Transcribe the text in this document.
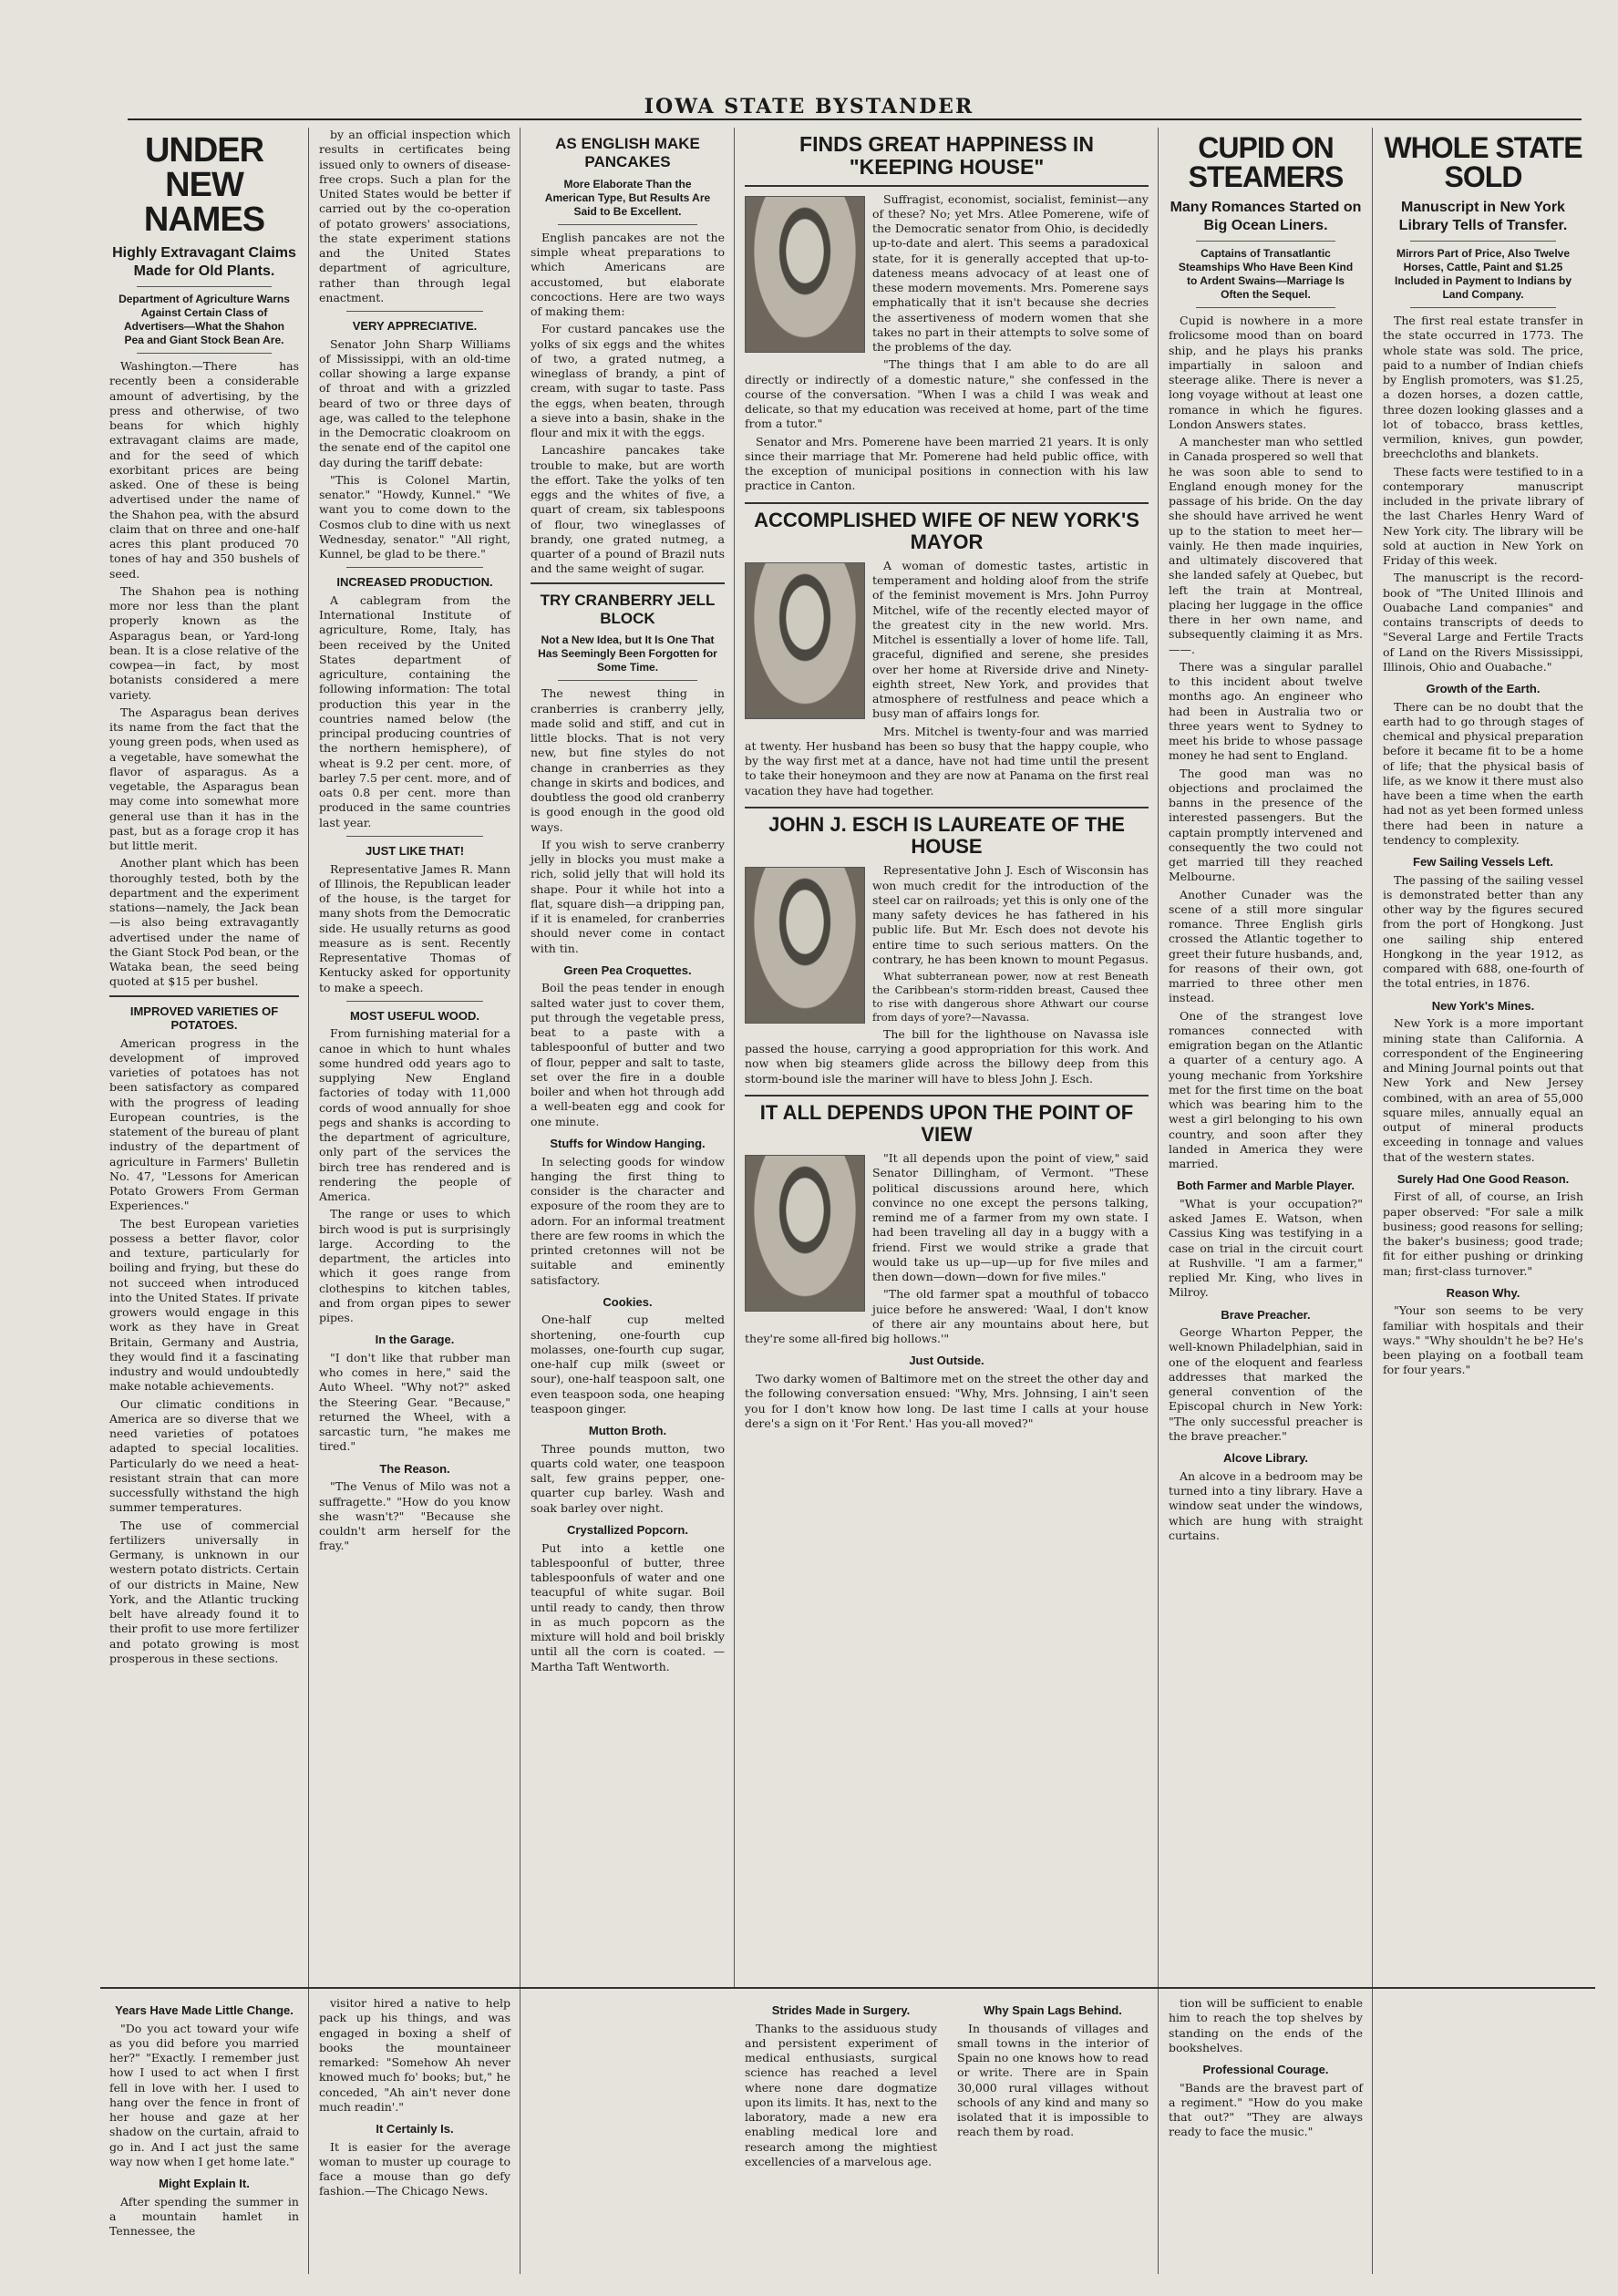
IOWA STATE BYSTANDER
UNDER NEW NAMES
Highly Extravagant Claims Made for Old Plants.
Department of Agriculture Warns Against Certain Class of Advertisers—What the Shahon Pea and Giant Stock Bean Are.

Washington.—There has recently been a considerable amount of advertising, by the press and otherwise, of two beans for which highly extravagant claims are made, and for the seed of which exorbitant prices are being asked. One of these is being advertised under the name of the Shahon pea, with the absurd claim that on three and one-half acres this plant produced 70 tones of hay and 350 bushels of seed.

The Shahon pea is nothing more nor less than the plant properly known as the Asparagus bean, or Yard-long bean. It is a close relative of the cowpea—in fact, by most botanists considered a mere variety.

The Asparagus bean derives its name from the fact that the young green pods, when used as a vegetable, have somewhat the flavor of asparagus. As a vegetable, the Asparagus bean may come into somewhat more general use than it has in the past, but as a forage crop it has but little merit.

Another plant which has been thoroughly tested, both by the department and the experiment stations—namely, the Jack bean—is also being extravagantly advertised under the name of the Giant Stock Pod bean, or the Wataka bean, the seed being quoted at $15 per bushel.

IMPROVED VARIETIES OF POTATOES.

American progress in the development of improved varieties of potatoes has not been satisfactory as compared with the progress of leading European countries, is the statement of the bureau of plant industry of the department of agriculture in Farmers' Bulletin No. 47, "Lessons for American Potato Growers From German Experiences."

The best European varieties possess a better flavor, color and texture, particularly for boiling and frying, but these do not succeed when introduced into the United States. If private growers would engage in this work as they have in Great Britain, Germany and Austria, they would find it a fascinating industry and would undoubtedly make notable achievements.

Our climatic conditions in America are so diverse that we need varieties of potatoes adapted to special localities. Particularly do we need a heat-resistant strain that can more successfully withstand the high summer temperatures.

The use of commercial fertilizers universally in Germany, is unknown in our western potato districts. Certain of our districts in Maine, New York, and the Atlantic trucking belt have already found it to their profit to use more fertilizer and potato growing is most prosperous in these sections.

by an official inspection which results in certificates being issued only to owners of disease-free crops. Such a plan for the United States would be better if carried out by the co-operation of potato growers' associations, the state experiment stations and the United States department of agriculture, rather than through legal enactment.

VERY APPRECIATIVE.

Senator John Sharp Williams of Mississippi, with an old-time collar showing a large expanse of throat and with a grizzled beard of two or three days of age, was called to the telephone in the Democratic cloakroom on the senate end of the capitol one day during the tariff debate:

"This is Colonel Martin, senator." "Howdy, Kunnel." "We want you to come down to the Cosmos club to dine with us next Wednesday, senator." "All right, Kunnel, be glad to be there."

INCREASED PRODUCTION.

A cablegram from the International Institute of agriculture, Rome, Italy, has been received by the United States department of agriculture, containing the following information: The total production this year in the countries named below (the principal producing countries of the northern hemisphere), of wheat is 9.2 per cent. more, of barley 7.5 per cent. more, and of oats 0.8 per cent. more than produced in the same countries last year.

JUST LIKE THAT!

Representative James R. Mann of Illinois, the Republican leader of the house, is the target for many shots from the Democratic side. He usually returns as good measure as is sent. Recently Representative Thomas of Kentucky asked for opportunity to make a speech.

MOST USEFUL WOOD.

From furnishing material for a canoe in which to hunt whales some hundred odd years ago to supplying New England factories of today with 11,000 cords of wood annually for shoe pegs and shanks is according to the department of agriculture, only part of the services the birch tree has rendered and is rendering the people of America.

The range or uses to which birch wood is put is surprisingly large. According to the department, the articles into which it goes range from clothespins to kitchen tables, and from organ pipes to sewer pipes.

In the Garage.

"I don't like that rubber man who comes in here," said the Auto Wheel. "Why not?" asked the Steering Gear. "Because," returned the Wheel, with a sarcastic turn, "he makes me tired."

The Reason.

"The Venus of Milo was not a suffragette." "How do you know she wasn't?" "Because she couldn't arm herself for the fray."

AS ENGLISH MAKE PANCAKES
More Elaborate Than the American Type, But Results Are Said to Be Excellent.

English pancakes are not the simple wheat preparations to which Americans are accustomed, but elaborate concoctions. Here are two ways of making them:

For custard pancakes use the yolks of six eggs and the whites of two, a grated nutmeg, a wineglass of brandy, a pint of cream, with sugar to taste. Pass the eggs, when beaten, through a sieve into a basin, shake in the flour and mix it with the eggs.

Lancashire pancakes take trouble to make, but are worth the effort. Take the yolks of ten eggs and the whites of five, a quart of cream, six tablespoons of flour, two wineglasses of brandy, one grated nutmeg, a quarter of a pound of Brazil nuts and the same weight of sugar.

TRY CRANBERRY JELL BLOCK
Not a New Idea, but It Is One That Has Seemingly Been Forgotten for Some Time.

The newest thing in cranberries is cranberry jelly, made solid and stiff, and cut in little blocks. That is not very new, but fine styles do not change in cranberries as they change in skirts and bodices, and doubtless the good old cranberry is good enough in the good old ways.

If you wish to serve cranberry jelly in blocks you must make a rich, solid jelly that will hold its shape. Pour it while hot into a flat, square dish—a dripping pan, if it is enameled, for cranberries should never come in contact with tin.

Green Pea Croquettes.

Boil the peas tender in enough salted water just to cover them, put through the vegetable press, beat to a paste with a tablespoonful of butter and two of flour, pepper and salt to taste, set over the fire in a double boiler and when hot through add a well-beaten egg and cook for one minute.

Stuffs for Window Hanging.

In selecting goods for window hanging the first thing to consider is the character and exposure of the room they are to adorn. For an informal treatment there are few rooms in which the printed cretonnes will not be suitable and eminently satisfactory.

Cookies.

One-half cup melted shortening, one-fourth cup molasses, one-fourth cup sugar, one-half cup milk (sweet or sour), one-half teaspoon salt, one even teaspoon soda, one heaping teaspoon ginger.

Mutton Broth.

Three pounds mutton, two quarts cold water, one teaspoon salt, few grains pepper, one-quarter cup barley. Wash and soak barley over night.

Crystallized Popcorn.

Put into a kettle one tablespoonful of butter, three tablespoonfuls of water and one teacupful of white sugar. Boil until ready to candy, then throw in as much popcorn as the mixture will hold and boil briskly until all the corn is coated. — Martha Taft Wentworth.

FINDS GREAT HAPPINESS IN "KEEPING HOUSE"

Suffragist, economist, socialist, feminist—any of these? No; yet Mrs. Atlee Pomerene, wife of the Democratic senator from Ohio, is decidedly up-to-date and alert. This seems a paradoxical state, for it is generally accepted that up-to-dateness means advocacy of at least one of these modern movements. Mrs. Pomerene says emphatically that it isn't because she decries the assertiveness of modern women that she takes no part in their attempts to solve some of the problems of the day.

"The things that I am able to do are all directly or indirectly of a domestic nature," she confessed in the course of the conversation. "When I was a child I was weak and delicate, so that my education was received at home, part of the time from a tutor."

Senator and Mrs. Pomerene have been married 21 years. It is only since their marriage that Mr. Pomerene had held public office, with the exception of municipal positions in connection with his law practice in Canton.

ACCOMPLISHED WIFE OF NEW YORK'S MAYOR

A woman of domestic tastes, artistic in temperament and holding aloof from the strife of the feminist movement is Mrs. John Purroy Mitchel, wife of the recently elected mayor of the greatest city in the new world. Mrs. Mitchel is essentially a lover of home life. Tall, graceful, dignified and serene, she presides over her home at Riverside drive and Ninety-eighth street, New York, and provides that atmosphere of restfulness and peace which a busy man of affairs longs for.

Mrs. Mitchel is twenty-four and was married at twenty. Her husband has been so busy that the happy couple, who by the way first met at a dance, have not had time until the present to take their honeymoon and they are now at Panama on the first real vacation they have had together.

JOHN J. ESCH IS LAUREATE OF THE HOUSE

Representative John J. Esch of Wisconsin has won much credit for the introduction of the steel car on railroads; yet this is only one of the many safety devices he has fathered in his public life. But Mr. Esch does not devote his entire time to such serious matters. On the contrary, he has been known to mount Pegasus.

What subterranean power, now at rest Beneath the Caribbean's storm-ridden breast, Caused thee to rise with dangerous shore Athwart our course from days of yore?—Navassa.

The bill for the lighthouse on Navassa isle passed the house, carrying a good appropriation for this work. And now when big steamers glide across the billowy deep from this storm-bound isle the mariner will have to bless John J. Esch.

IT ALL DEPENDS UPON THE POINT OF VIEW

"It all depends upon the point of view," said Senator Dillingham, of Vermont. "These political discussions around here, which convince no one except the persons talking, remind me of a farmer from my own state. I had been traveling all day in a buggy with a friend. First we would strike a grade that would take us up—up—up for five miles and then down—down—down for five miles."

"The old farmer spat a mouthful of tobacco juice before he answered: 'Waal, I don't know of there air any mountains about here, but they're some all-fired big hollows.'"

Just Outside.

Two darky women of Baltimore met on the street the other day and the following conversation ensued: "Why, Mrs. Johnsing, I ain't seen you for I don't know how long. De last time I calls at your house dere's a sign on it 'For Rent.' Has you-all moved?"

CUPID ON STEAMERS
Many Romances Started on Big Ocean Liners.
Captains of Transatlantic Steamships Who Have Been Kind to Ardent Swains—Marriage Is Often the Sequel.

Cupid is nowhere in a more frolicsome mood than on board ship, and he plays his pranks impartially in saloon and steerage alike. There is never a long voyage without at least one romance in which he figures. London Answers states.

A manchester man who settled in Canada prospered so well that he was soon able to send to England enough money for the passage of his bride. On the day she should have arrived he went up to the station to meet her—vainly. He then made inquiries, and ultimately discovered that she landed safely at Quebec, but left the train at Montreal, placing her luggage in the office there in her own name, and subsequently claiming it as Mrs. ——.

There was a singular parallel to this incident about twelve months ago. An engineer who had been in Australia two or three years went to Sydney to meet his bride to whose passage money he had sent to England.

The good man was no objections and proclaimed the banns in the presence of the interested passengers. But the captain promptly intervened and consequently the two could not get married till they reached Melbourne.

Another Cunader was the scene of a still more singular romance. Three English girls crossed the Atlantic together to greet their future husbands, and, for reasons of their own, got married to three other men instead.

One of the strangest love romances connected with emigration began on the Atlantic a quarter of a century ago. A young mechanic from Yorkshire met for the first time on the boat which was bearing him to the west a girl belonging to his own country, and soon after they landed in America they were married.

Both Farmer and Marble Player.

"What is your occupation?" asked James E. Watson, when Cassius King was testifying in a case on trial in the circuit court at Rushville. "I am a farmer," replied Mr. King, who lives in Milroy.

Brave Preacher.

George Wharton Pepper, the well-known Philadelphian, said in one of the eloquent and fearless addresses that marked the general convention of the Episcopal church in New York: "The only successful preacher is the brave preacher."

Alcove Library.

An alcove in a bedroom may be turned into a tiny library. Have a window seat under the windows, which are hung with straight curtains.

WHOLE STATE SOLD
Manuscript in New York Library Tells of Transfer.
Mirrors Part of Price, Also Twelve Horses, Cattle, Paint and $1.25 Included in Payment to Indians by Land Company.

The first real estate transfer in the state occurred in 1773. The whole state was sold. The price, paid to a number of Indian chiefs by English promoters, was $1.25, a dozen horses, a dozen cattle, three dozen looking glasses and a lot of tobacco, brass kettles, vermilion, knives, gun powder, breechcloths and blankets.

These facts were testified to in a contemporary manuscript included in the private library of the last Charles Henry Ward of New York city. The library will be sold at auction in New York on Friday of this week.

The manuscript is the record-book of "The United Illinois and Ouabache Land companies" and contains transcripts of deeds to "Several Large and Fertile Tracts of Land on the Rivers Mississippi, Illinois, Ohio and Ouabache."

Growth of the Earth.

There can be no doubt that the earth had to go through stages of chemical and physical preparation before it became fit to be a home of life; that the physical basis of life, as we know it there must also have been a time when the earth had not as yet been formed unless there had been in nature a tendency to complexity.

Few Sailing Vessels Left.

The passing of the sailing vessel is demonstrated better than any other way by the figures secured from the port of Hongkong. Just one sailing ship entered Hongkong in the year 1912, as compared with 688, one-fourth of the total entries, in 1876.

New York's Mines.

New York is a more important mining state than California. A correspondent of the Engineering and Mining Journal points out that New York and New Jersey combined, with an area of 55,000 square miles, annually equal an output of mineral products exceeding in tonnage and values that of the western states.

Surely Had One Good Reason.

First of all, of course, an Irish paper observed: "For sale a milk business; good reasons for selling; the baker's business; good trade; fit for either pushing or drinking man; first-class turnover."

Reason Why.

"Your son seems to be very familiar with hospitals and their ways." "Why shouldn't he be? He's been playing on a football team for four years."

Years Have Made Little Change.

"Do you act toward your wife as you did before you married her?" "Exactly. I remember just how I used to act when I first fell in love with her. I used to hang over the fence in front of her house and gaze at her shadow on the curtain, afraid to go in. And I act just the same way now when I get home late."

Might Explain It.

After spending the summer in a mountain hamlet in Tennessee, the

visitor hired a native to help pack up his things, and was engaged in boxing a shelf of books the mountaineer remarked: "Somehow Ah never knowed much fo' books; but," he conceded, "Ah ain't never done much readin'."

It Certainly Is.

It is easier for the average woman to muster up courage to face a mouse than go defy fashion.—The Chicago News.

Strides Made in Surgery.

Thanks to the assiduous study and persistent experiment of medical enthusiasts, surgical science has reached a level where none dare dogmatize upon its limits. It has, next to the laboratory, made a new era enabling medical lore and research among the mightiest excellencies of a marvelous age.

Why Spain Lags Behind.

In thousands of villages and small towns in the interior of Spain no one knows how to read or write. There are in Spain 30,000 rural villages without schools of any kind and many so isolated that it is impossible to reach them by road.

tion will be sufficient to enable him to reach the top shelves by standing on the ends of the bookshelves.

Professional Courage.

"Bands are the bravest part of a regiment." "How do you make that out?" "They are always ready to face the music."
